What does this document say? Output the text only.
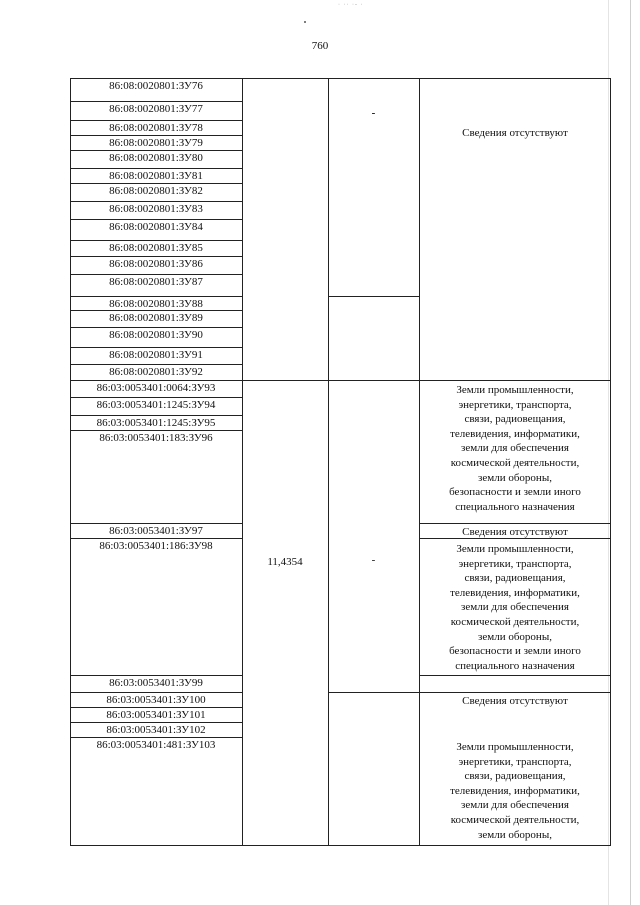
· ·· ·- ·
760
86:08:0020801:ЗУ76
86:08:0020801:ЗУ77
86:08:0020801:ЗУ78
86:08:0020801:ЗУ79
86:08:0020801:ЗУ80
86:08:0020801:ЗУ81
86:08:0020801:ЗУ82
86:08:0020801:ЗУ83
86:08:0020801:ЗУ84
86:08:0020801:ЗУ85
86:08:0020801:ЗУ86
86:08:0020801:ЗУ87
86:08:0020801:ЗУ88
86:08:0020801:ЗУ89
86:08:0020801:ЗУ90
86:08:0020801:ЗУ91
86:08:0020801:ЗУ92
86:03:0053401:0064:ЗУ93
86:03:0053401:1245:ЗУ94
86:03:0053401:1245:ЗУ95
86:03:0053401:183:ЗУ96
86:03:0053401:ЗУ97
86:03:0053401:186:ЗУ98
86:03:0053401:ЗУ99
86:03:0053401:ЗУ100
86:03:0053401:ЗУ101
86:03:0053401:ЗУ102
86:03:0053401:481:ЗУ103
11,4354
-
-
Сведения отсутствуют
Земли промышленности,
энергетики, транспорта,
связи, радиовещания,
телевидения, информатики,
земли для обеспечения
космической деятельности,
земли обороны,
безопасности и земли иного
специального назначения
Сведения отсутствуют
Земли промышленности,
энергетики, транспорта,
связи, радиовещания,
телевидения, информатики,
земли для обеспечения
космической деятельности,
земли обороны,
безопасности и земли иного
специального назначения
Сведения отсутствуют
Земли промышленности,
энергетики, транспорта,
связи, радиовещания,
телевидения, информатики,
земли для обеспечения
космической деятельности,
земли обороны,
